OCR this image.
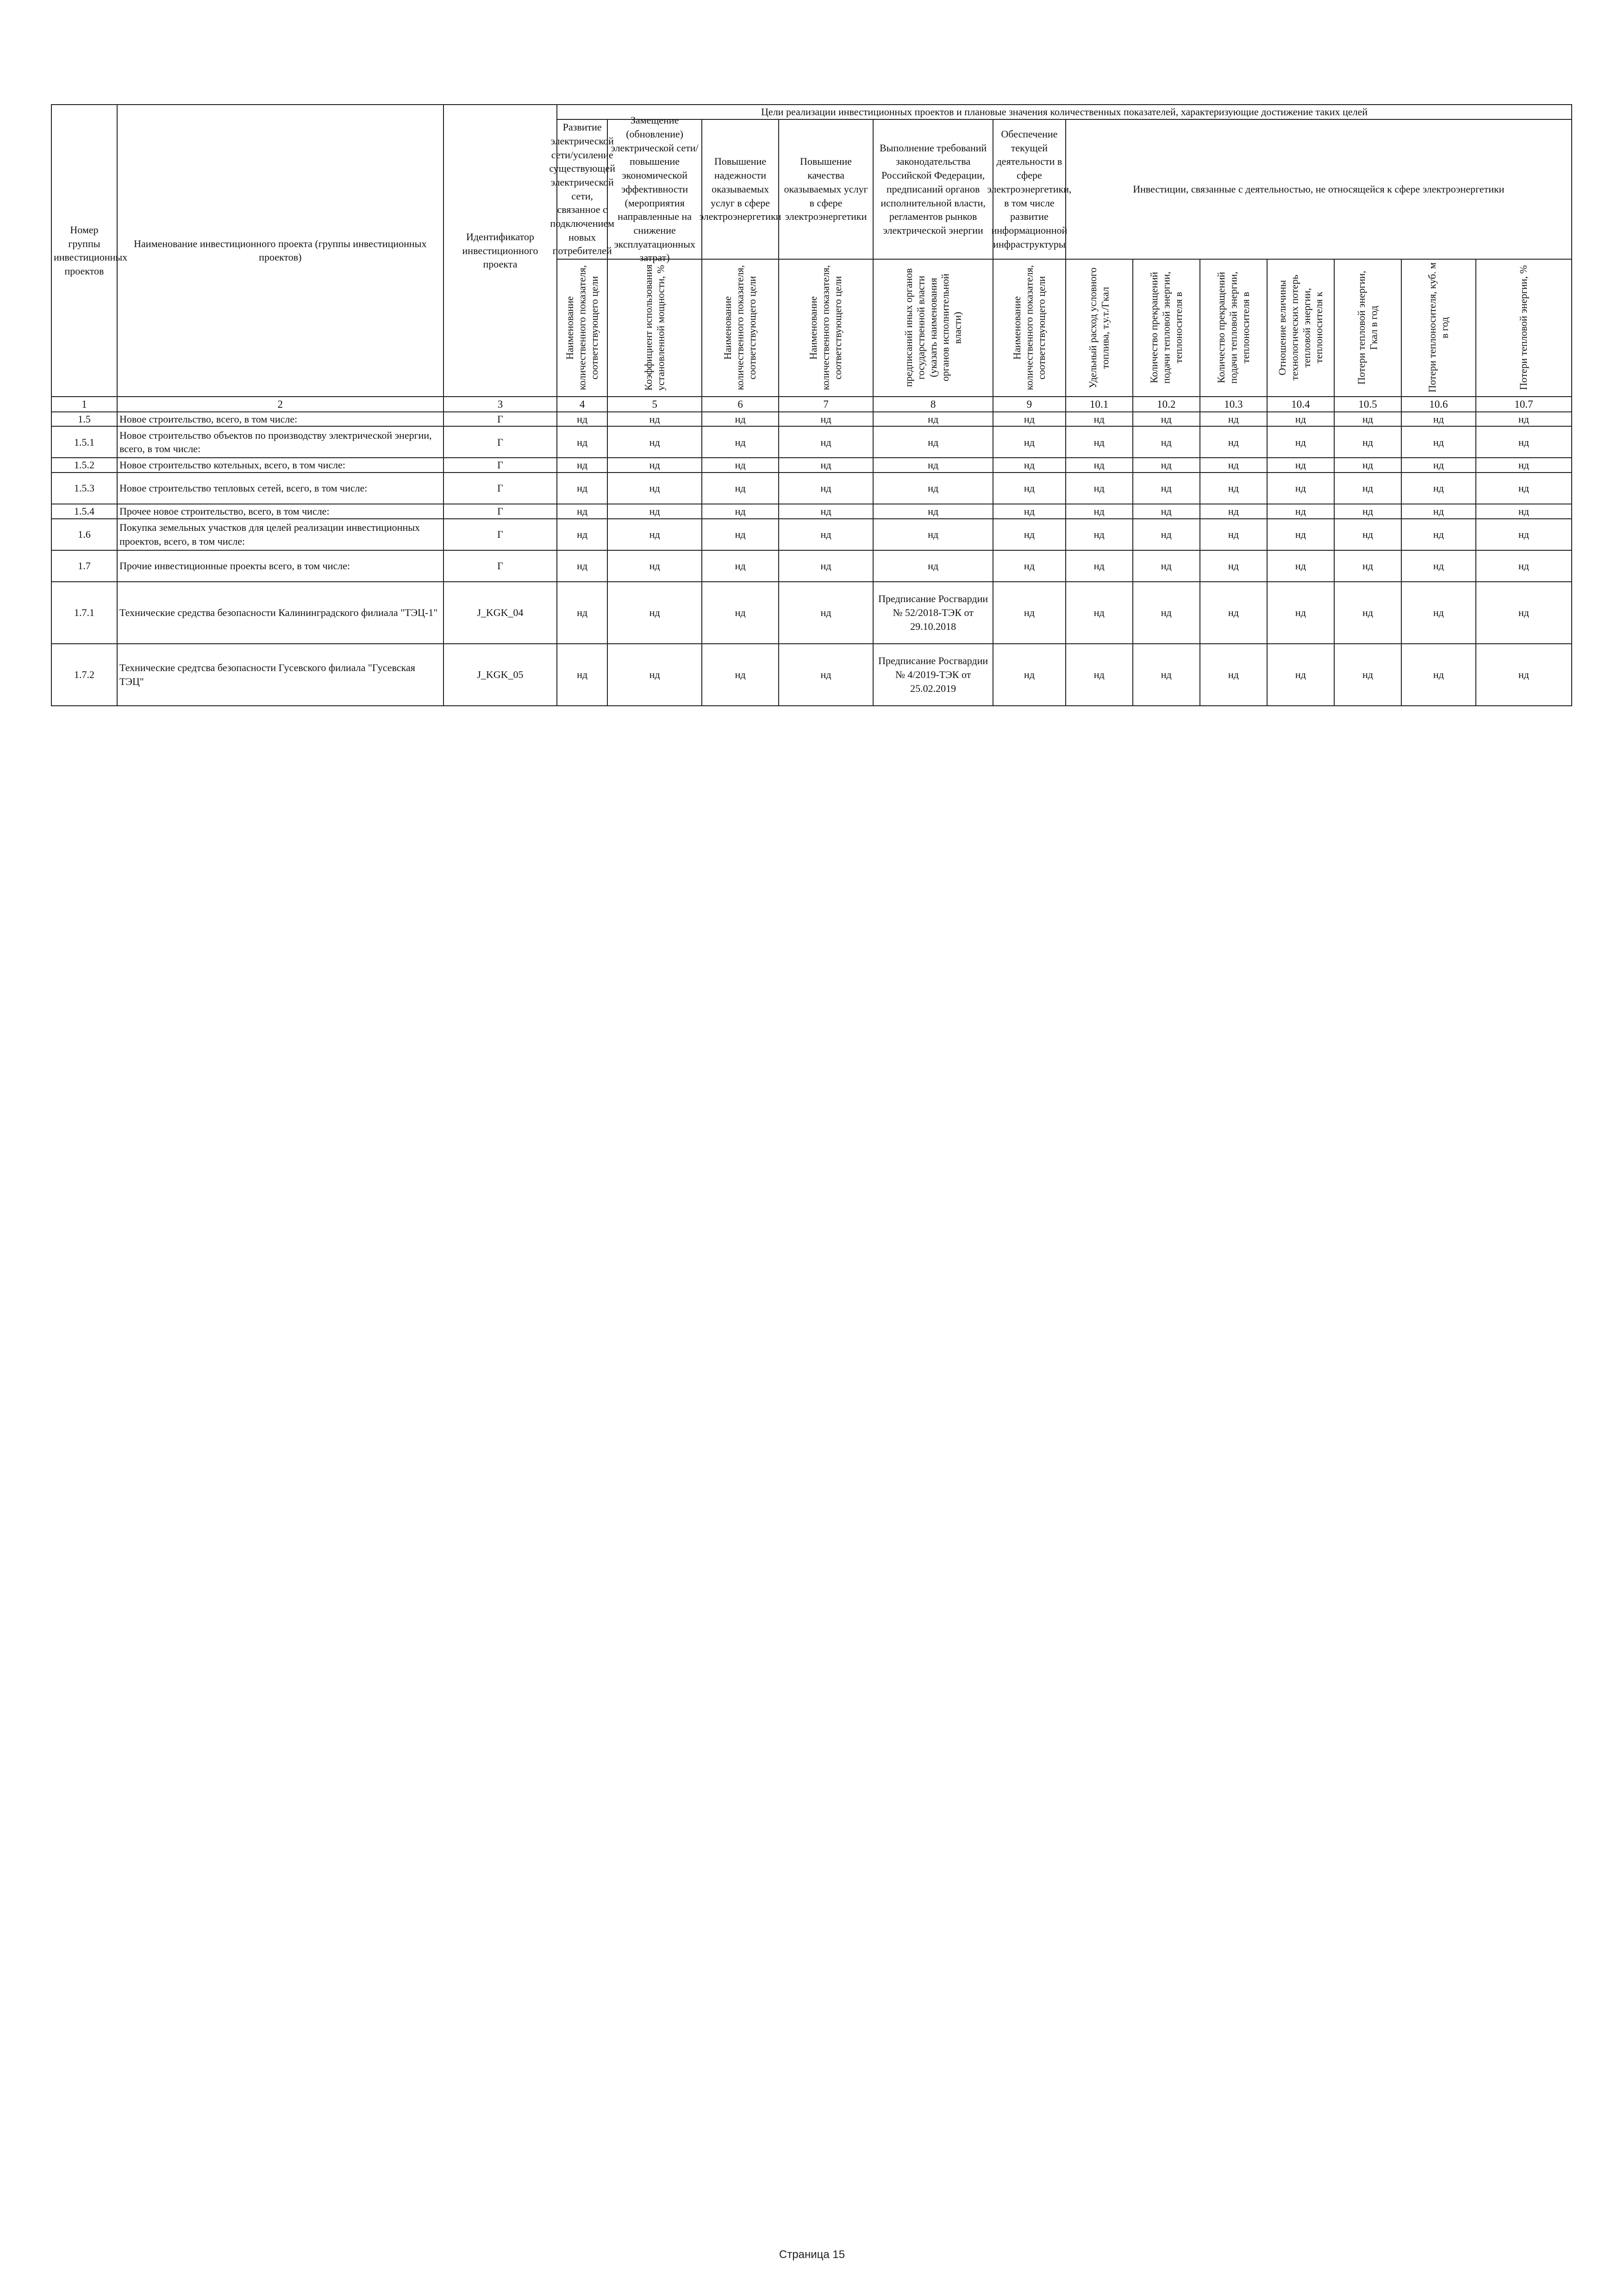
Номер группы инвестиционных проектов	Наименование инвестиционного проекта (группы инвестиционных проектов)	Идентификатор инвестиционного проекта	Цели реализации инвестиционных проектов и плановые значения количественных показателей, характеризующие достижение таких целей												

Развитие электрической сети/усиление существующей электрической сети, связанное с подключением новых потребителей	Замещение (обновление) электрической сети/повышение экономической эффективности (мероприятия направленные на снижение эксплуатационных затрат)	Повышение надежности оказываемых услуг в сфере электроэнергетики	Повышение качества оказываемых услуг в сфере электроэнергетики	Выполнение требований законодательства Российской Федерации, предписаний органов исполнительной власти, регламентов рынков электрической энергии	Обеспечение текущей деятельности в сфере электроэнергетики, в том числе развитие информационной инфраструктуры	Инвестиции, связанные с деятельностью, не относящейся к сфере электроэнергетики						

			Наименование количественного показателя, соответствующего цели	Коэффициент использования установленной мощности, %	Наименование количественного показателя, соответствующего цели	Наименование количественного показателя, соответствующего цели	предписаний иных органов государственной власти (указать наименования органов исполнительной власти)	Наименование количественного показателя, соответствующего цели	Удельный расход условного топлива, т.у.т./Гкал	Количество прекращений подачи тепловой энергии, теплоносителя в	Количество прекращений подачи тепловой энергии, теплоносителя в	Отношение величины технологических потерь тепловой энергии, теплоносителя к	Потери тепловой энергии, Гкал в год	Потери теплоносителя, куб. м в год	Потери тепловой энергии, %

1	2	3	4	5	6	7	8	9	10.1	10.2	10.3	10.4	10.5	10.6	10.7
1.5	Новое строительство, всего, в том числе:	Г	нд	нд	нд	нд	нд	нд	нд	нд	нд	нд	нд	нд	нд
1.5.1	Новое строительство объектов по производству электрической энергии, всего, в том числе:	Г	нд	нд	нд	нд	нд	нд	нд	нд	нд	нд	нд	нд	нд
1.5.2	Новое строительство котельных, всего, в том числе:	Г	нд	нд	нд	нд	нд	нд	нд	нд	нд	нд	нд	нд	нд
1.5.3	Новое строительство тепловых сетей, всего, в том числе:	Г	нд	нд	нд	нд	нд	нд	нд	нд	нд	нд	нд	нд	нд
1.5.4	Прочее новое строительство, всего, в том числе:	Г	нд	нд	нд	нд	нд	нд	нд	нд	нд	нд	нд	нд	нд
1.6	Покупка земельных участков для целей реализации инвестиционных проектов, всего, в том числе:	Г	нд	нд	нд	нд	нд	нд	нд	нд	нд	нд	нд	нд	нд
1.7	Прочие инвестиционные проекты всего, в том числе:	Г	нд	нд	нд	нд	нд	нд	нд	нд	нд	нд	нд	нд	нд
1.7.1	Технические средства безопасности Калининградского филиала "ТЭЦ-1"	J_KGK_04	нд	нд	нд	нд	Предписание Росгвардии № 52/2018-ТЭК от 29.10.2018	нд	нд	нд	нд	нд	нд	нд	нд
1.7.2	Технические средтсва безопасности Гусевского филиала "Гусевская ТЭЦ"	J_KGK_05	нд	нд	нд	нд	Предписание Росгвардии № 4/2019-ТЭК от 25.02.2019	нд	нд	нд	нд	нд	нд	нд	нд
Страница 15
